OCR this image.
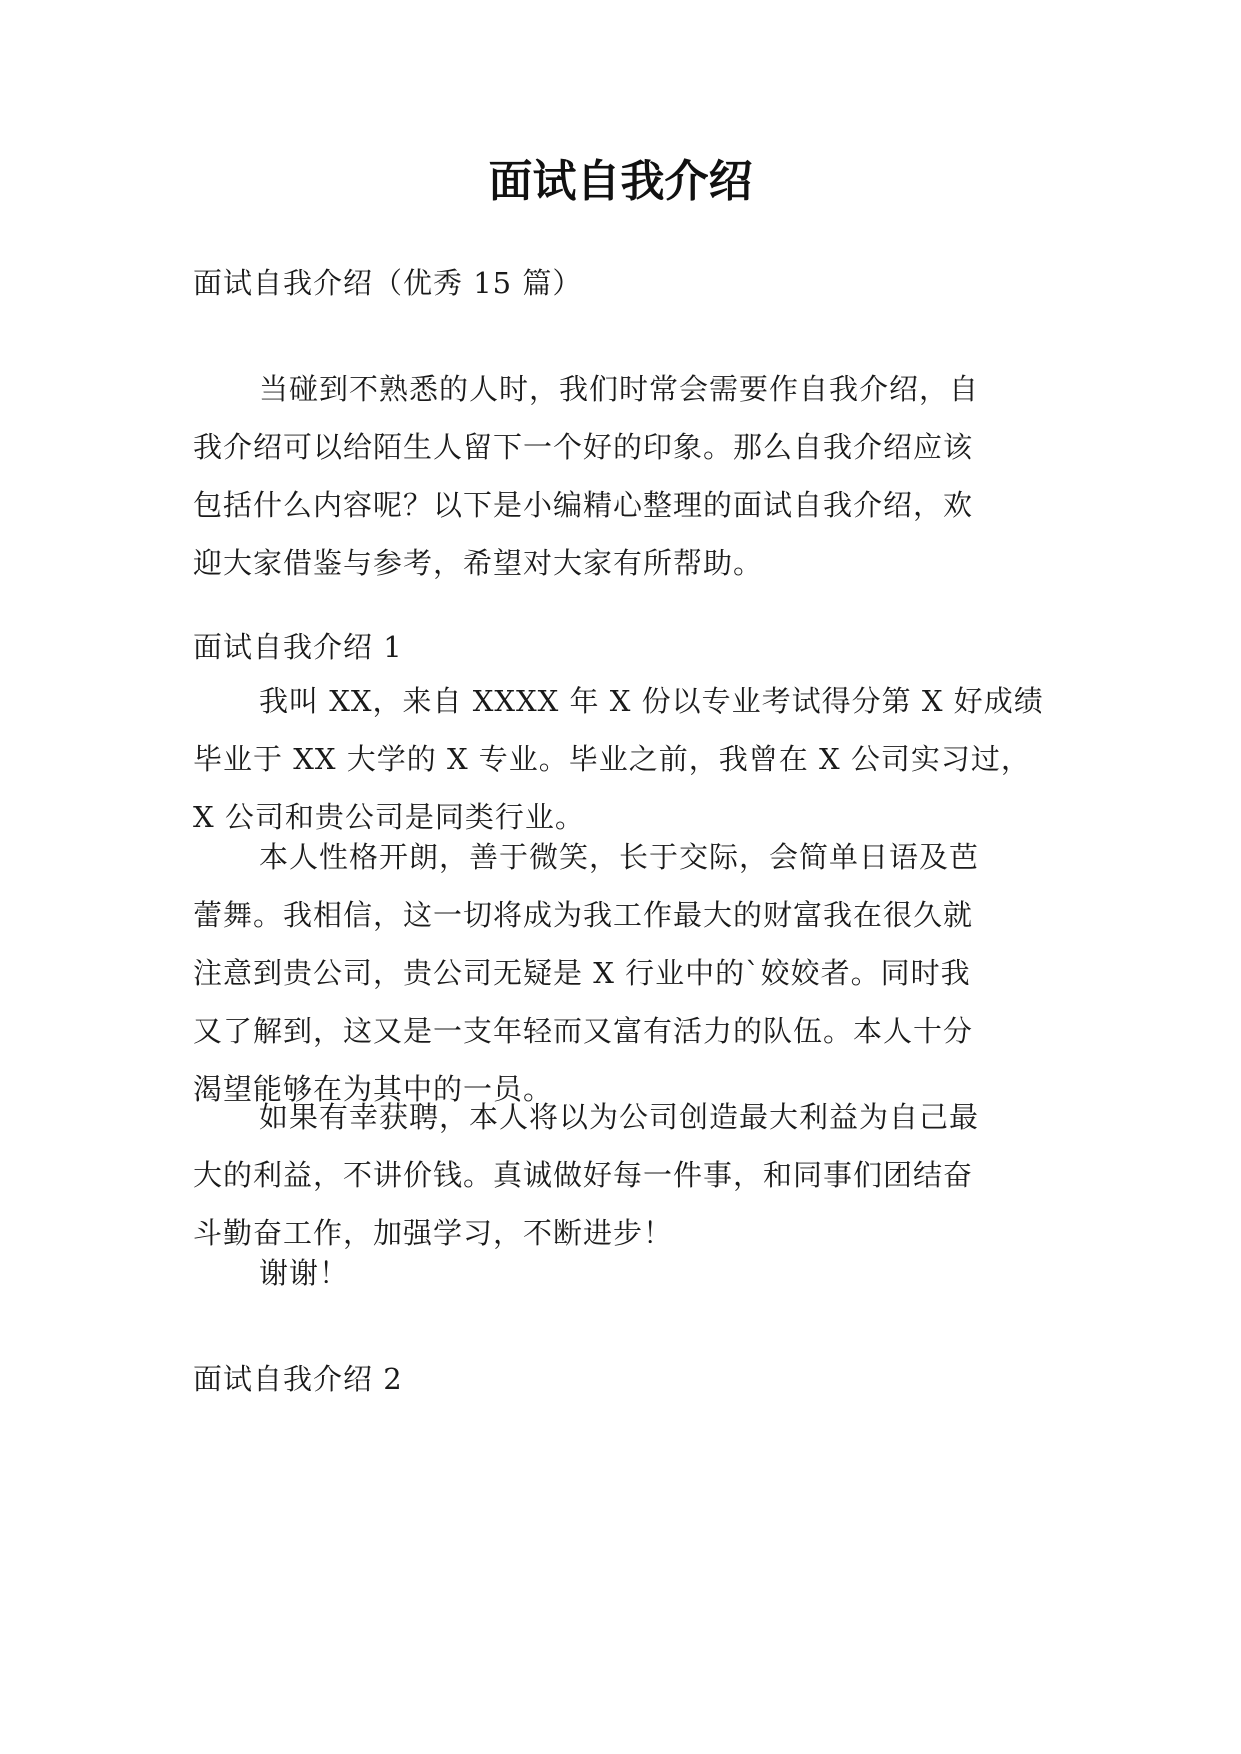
面试自我介绍
面试自我介绍（优秀 15 篇）
当碰到不熟悉的人时，我们时常会需要作自我介绍，自
我介绍可以给陌生人留下一个好的印象。那么自我介绍应该
包括什么内容呢？以下是小编精心整理的面试自我介绍，欢
迎大家借鉴与参考，希望对大家有所帮助。
面试自我介绍 1
我叫 XX，来自 XXXX 年 X 份以专业考试得分第 X 好成绩
毕业于 XX 大学的 X 专业。毕业之前，我曾在 X 公司实习过，
X 公司和贵公司是同类行业。
本人性格开朗，善于微笑，长于交际，会简单日语及芭
蕾舞。我相信，这一切将成为我工作最大的财富我在很久就
注意到贵公司，贵公司无疑是 X 行业中的`姣姣者。同时我
又了解到，这又是一支年轻而又富有活力的队伍。本人十分
渴望能够在为其中的一员。
如果有幸获聘，本人将以为公司创造最大利益为自己最
大的利益，不讲价钱。真诚做好每一件事，和同事们团结奋
斗勤奋工作，加强学习，不断进步！
谢谢！
面试自我介绍 2
